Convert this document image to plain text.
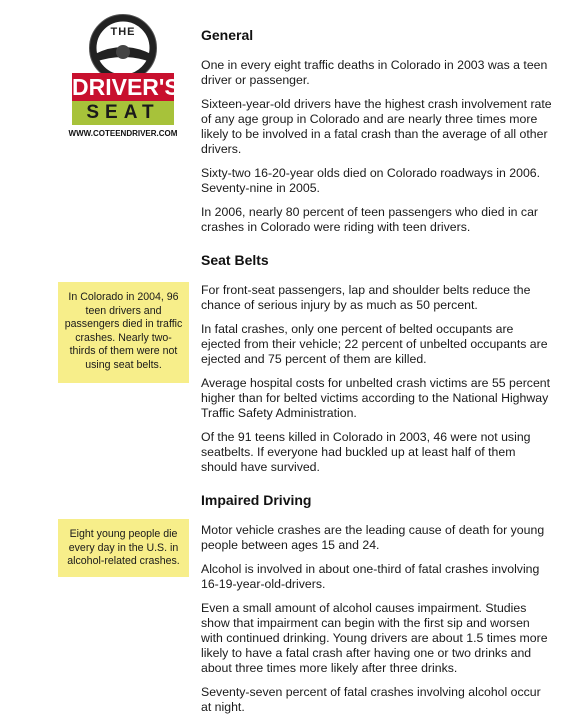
THE
DRIVER'S
SEAT
WWW.COTEENDRIVER.COM
In Colorado in 2004, 96 teen drivers and passengers died in traffic crashes. Nearly two-thirds of them were not using seat belts.
Eight young people die every day in the U.S. in alcohol-related crashes.
General

One in every eight traffic deaths in Colorado in 2003 was a teen driver or passenger.

Sixteen-year-old drivers have the highest crash involvement rate of any age group in Colorado and are nearly three times more likely to be involved in a fatal crash than the average of all other drivers.

Sixty-two 16-20-year olds died on Colorado roadways in 2006. Seventy-nine in 2005.

In 2006, nearly 80 percent of teen passengers who died in car crashes in Colorado were riding with teen drivers.

Seat Belts

For front-seat passengers, lap and shoulder belts reduce the chance of serious injury by as much as 50 percent.

In fatal crashes, only one percent of belted occupants are ejected from their vehicle; 22 percent of unbelted occupants are ejected and 75 percent of them are killed.

Average hospital costs for unbelted crash victims are 55 percent higher than for belted victims according to the National Highway Traffic Safety Administration.

Of the 91 teens killed in Colorado in 2003, 46 were not using seatbelts. If everyone had buckled up at least half of them should have survived.

Impaired Driving

Motor vehicle crashes are the leading cause of death for young people between ages 15 and 24.

Alcohol is involved in about one-third of fatal crashes involving 16-19-year-old-drivers.

Even a small amount of alcohol causes impairment. Studies show that impairment can begin with the first sip and worsen with continued drinking. Young drivers are about 1.5 times more likely to have a fatal crash after having one or two drinks and about three times more likely after three drinks.

Seventy-seven percent of fatal crashes involving alcohol occur at night.
